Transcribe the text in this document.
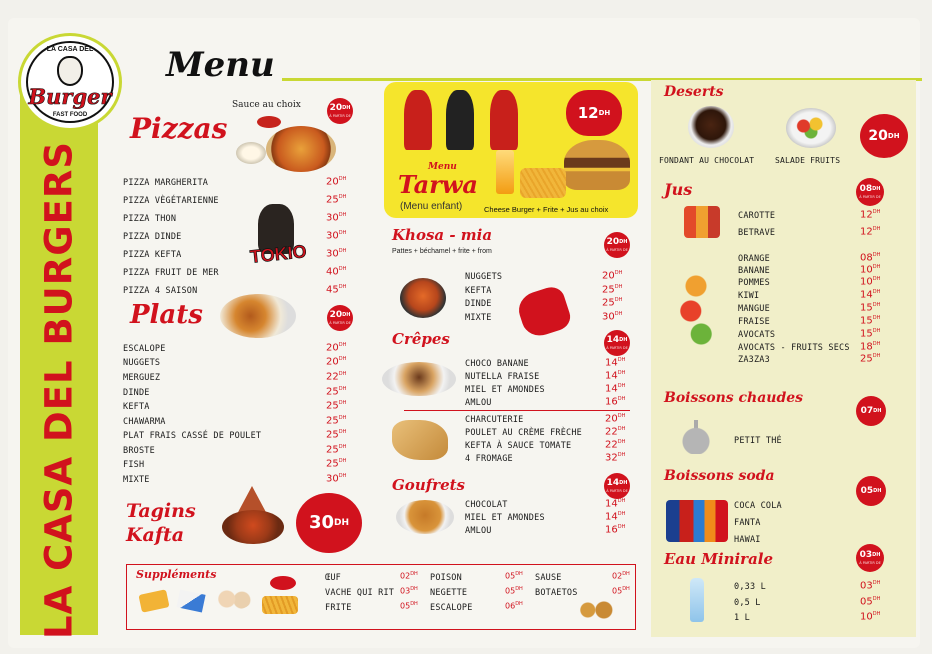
LA CASA DEL BURGERS
LA CASA DEL
Burger
FAST FOOD
Menu
Pizzas
Sauce au choix	$20^{DH}$
À PARTIR DE
PIZZA MARGHERITA	$20^{DH}$
PIZZA VÈGÉTARIENNE	$25^{DH}$
PIZZA THON	$30^{DH}$
PIZZA DINDE	$30^{DH}$
PIZZA KEFTA	$30^{DH}$
PIZZA FRUIT DE MER	$40^{DH}$
PIZZA 4 SAISON	$45^{DH}$
TOKIO
Plats	$20^{DH}$
À PARTIR DE
ESCALOPE	$20^{DH}$
NUGGETS	$20^{DH}$
MERGUEZ	$22^{DH}$
DINDE	$25^{DH}$
KEFTA	$25^{DH}$
CHAWARMA	$25^{DH}$
PLAT FRAIS CASSÉ DE POULET	$25^{DH}$
BROSTE	$25^{DH}$
FISH	$25^{DH}$
MIXTE	$30^{DH}$
Tagins
Kafta
$30^{DH}$
$12^{DH}$
Menu
Tarwa
(Menu enfant)	Cheese Burger + Frite + Jus au choix
Khosa - mia
Pattes + béchamel + frite + from
$20^{DH}$
À PARTIR DE
NUGGETS	$20^{DH}$
KEFTA	$25^{DH}$
DINDE	$25^{DH}$
MIXTE	$30^{DH}$
Crêpes	$14^{DH}$
À PARTIR DE
CHOCO BANANE	$14^{DH}$
NUTELLA FRAISE	$14^{DH}$
MIEL ET AMONDES	$14^{DH}$
AMLOU	$16^{DH}$
CHARCUTERIE	$20^{DH}$
POULET AU CRÈME FRÈCHE $22^{DH}$
KEFTA À SAUCE TOMATE	$22^{DH}$
4 FROMAGE	$32^{DH}$
Goufrets	$14^{DH}$
À PARTIR DE
CHOCOLAT	$14^{DH}$
MIEL ET AMONDES	$14^{DH}$
AMLOU	$16^{DH}$
Suppléments	ŒUF	$02^{DH}$
VACHE QUI RIT $03^{DH}$
FRITE	$05^{DH}$
POISON	$05^{DH}$
NEGETTE	$05^{DH}$
ESCALOPE	$06^{DH}$
SAUSE	$02^{DH}$
BOTAETOS	$05^{DH}$
Deserts
$20^{DH}$
FONDANT AU CHOCOLAT	SALADE FRUITS
Jus	$08^{DH}$
À PARTIR DE
CAROTTE	$12^{DH}$
BETRAVE	$12^{DH}$
ORANGE	$08^{DH}$
BANANE	$10^{DH}$
POMMES	$10^{DH}$
KIWI	$14^{DH}$
MANGUE	$15^{DH}$
FRAISE	$15^{DH}$
AVOCATS	$15^{DH}$
AVOCATS - FRUITS SECS $18^{DH}$
ZA3ZA3	$25^{DH}$
Boissons chaudes
$07^{DH}$
PETIT THÉ
Boissons soda
$05^{DH}$
COCA COLA
FANTA
HAWAI
Eau Minirale	$03^{DH}$
À PARTIR DE
0,33 L	$03^{DH}$
0,5 L	$05^{DH}$
1 L	$10^{DH}$
